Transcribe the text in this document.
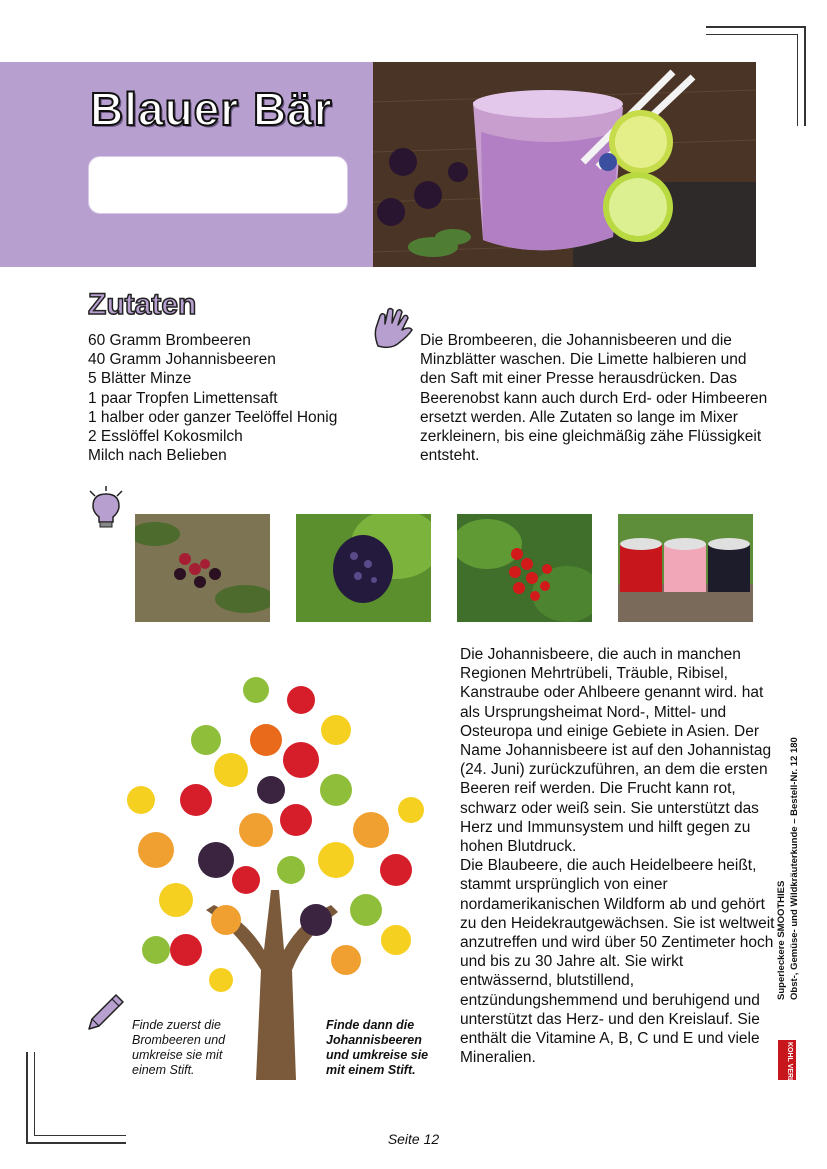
Blauer Bär
Zutaten
60 Gramm Brombeeren
40 Gramm Johannisbeeren
5 Blätter Minze
1 paar Tropfen Limettensaft
1 halber oder ganzer Teelöffel Honig
2 Esslöffel Kokosmilch
Milch nach Belieben

Die Brombeeren, die Johannisbeeren und die Minzblätter waschen. Die Limette halbieren und den Saft mit einer Presse herausdrücken. Das Beerenobst kann auch durch Erd- oder Himbeeren ersetzt werden. Alle Zutaten so lange im Mixer zerkleinern, bis eine gleichmäßig zähe Flüssigkeit entsteht.

Finde zuerst die Brombeeren und umkreise sie mit einem Stift.

Finde dann die Johannisbeeren und umkreise sie mit einem Stift.

Die Johannisbeere, die auch in manchen Regionen Mehrtrübeli, Träuble, Ribisel, Kanstraube oder Ahlbeere genannt wird. hat als Ursprungsheimat Nord-, Mittel- und Osteuropa und einige Gebiete in Asien. Der Name Johannisbeere ist auf den Johannistag (24. Juni) zurückzuführen, an dem die ersten Beeren reif werden. Die Frucht kann rot, schwarz oder weiß sein. Sie unterstützt das Herz und Immunsystem und hilft gegen zu hohen Blutdruck.

Die Blaubeere, die auch Heidelbeere heißt, stammt ursprünglich von einer nordamerikanischen Wildform ab und gehört zu den Heidekrautgewächsen. Sie ist weltweit anzutreffen und wird über 50 Zentimeter hoch und bis zu 30 Jahre alt. Sie wirkt entwässernd, blutstillend, entzündungshemmend und beruhigend und unterstützt das Herz- und den Kreislauf. Sie enthält die Vitamine A, B, C und E und viele Mineralien.

Superleckere SMOOTHIES Obst-, Gemüse- und Wildkräuterkunde – Bestell-Nr. 12 180
KOHL VERLAG
Seite 12
